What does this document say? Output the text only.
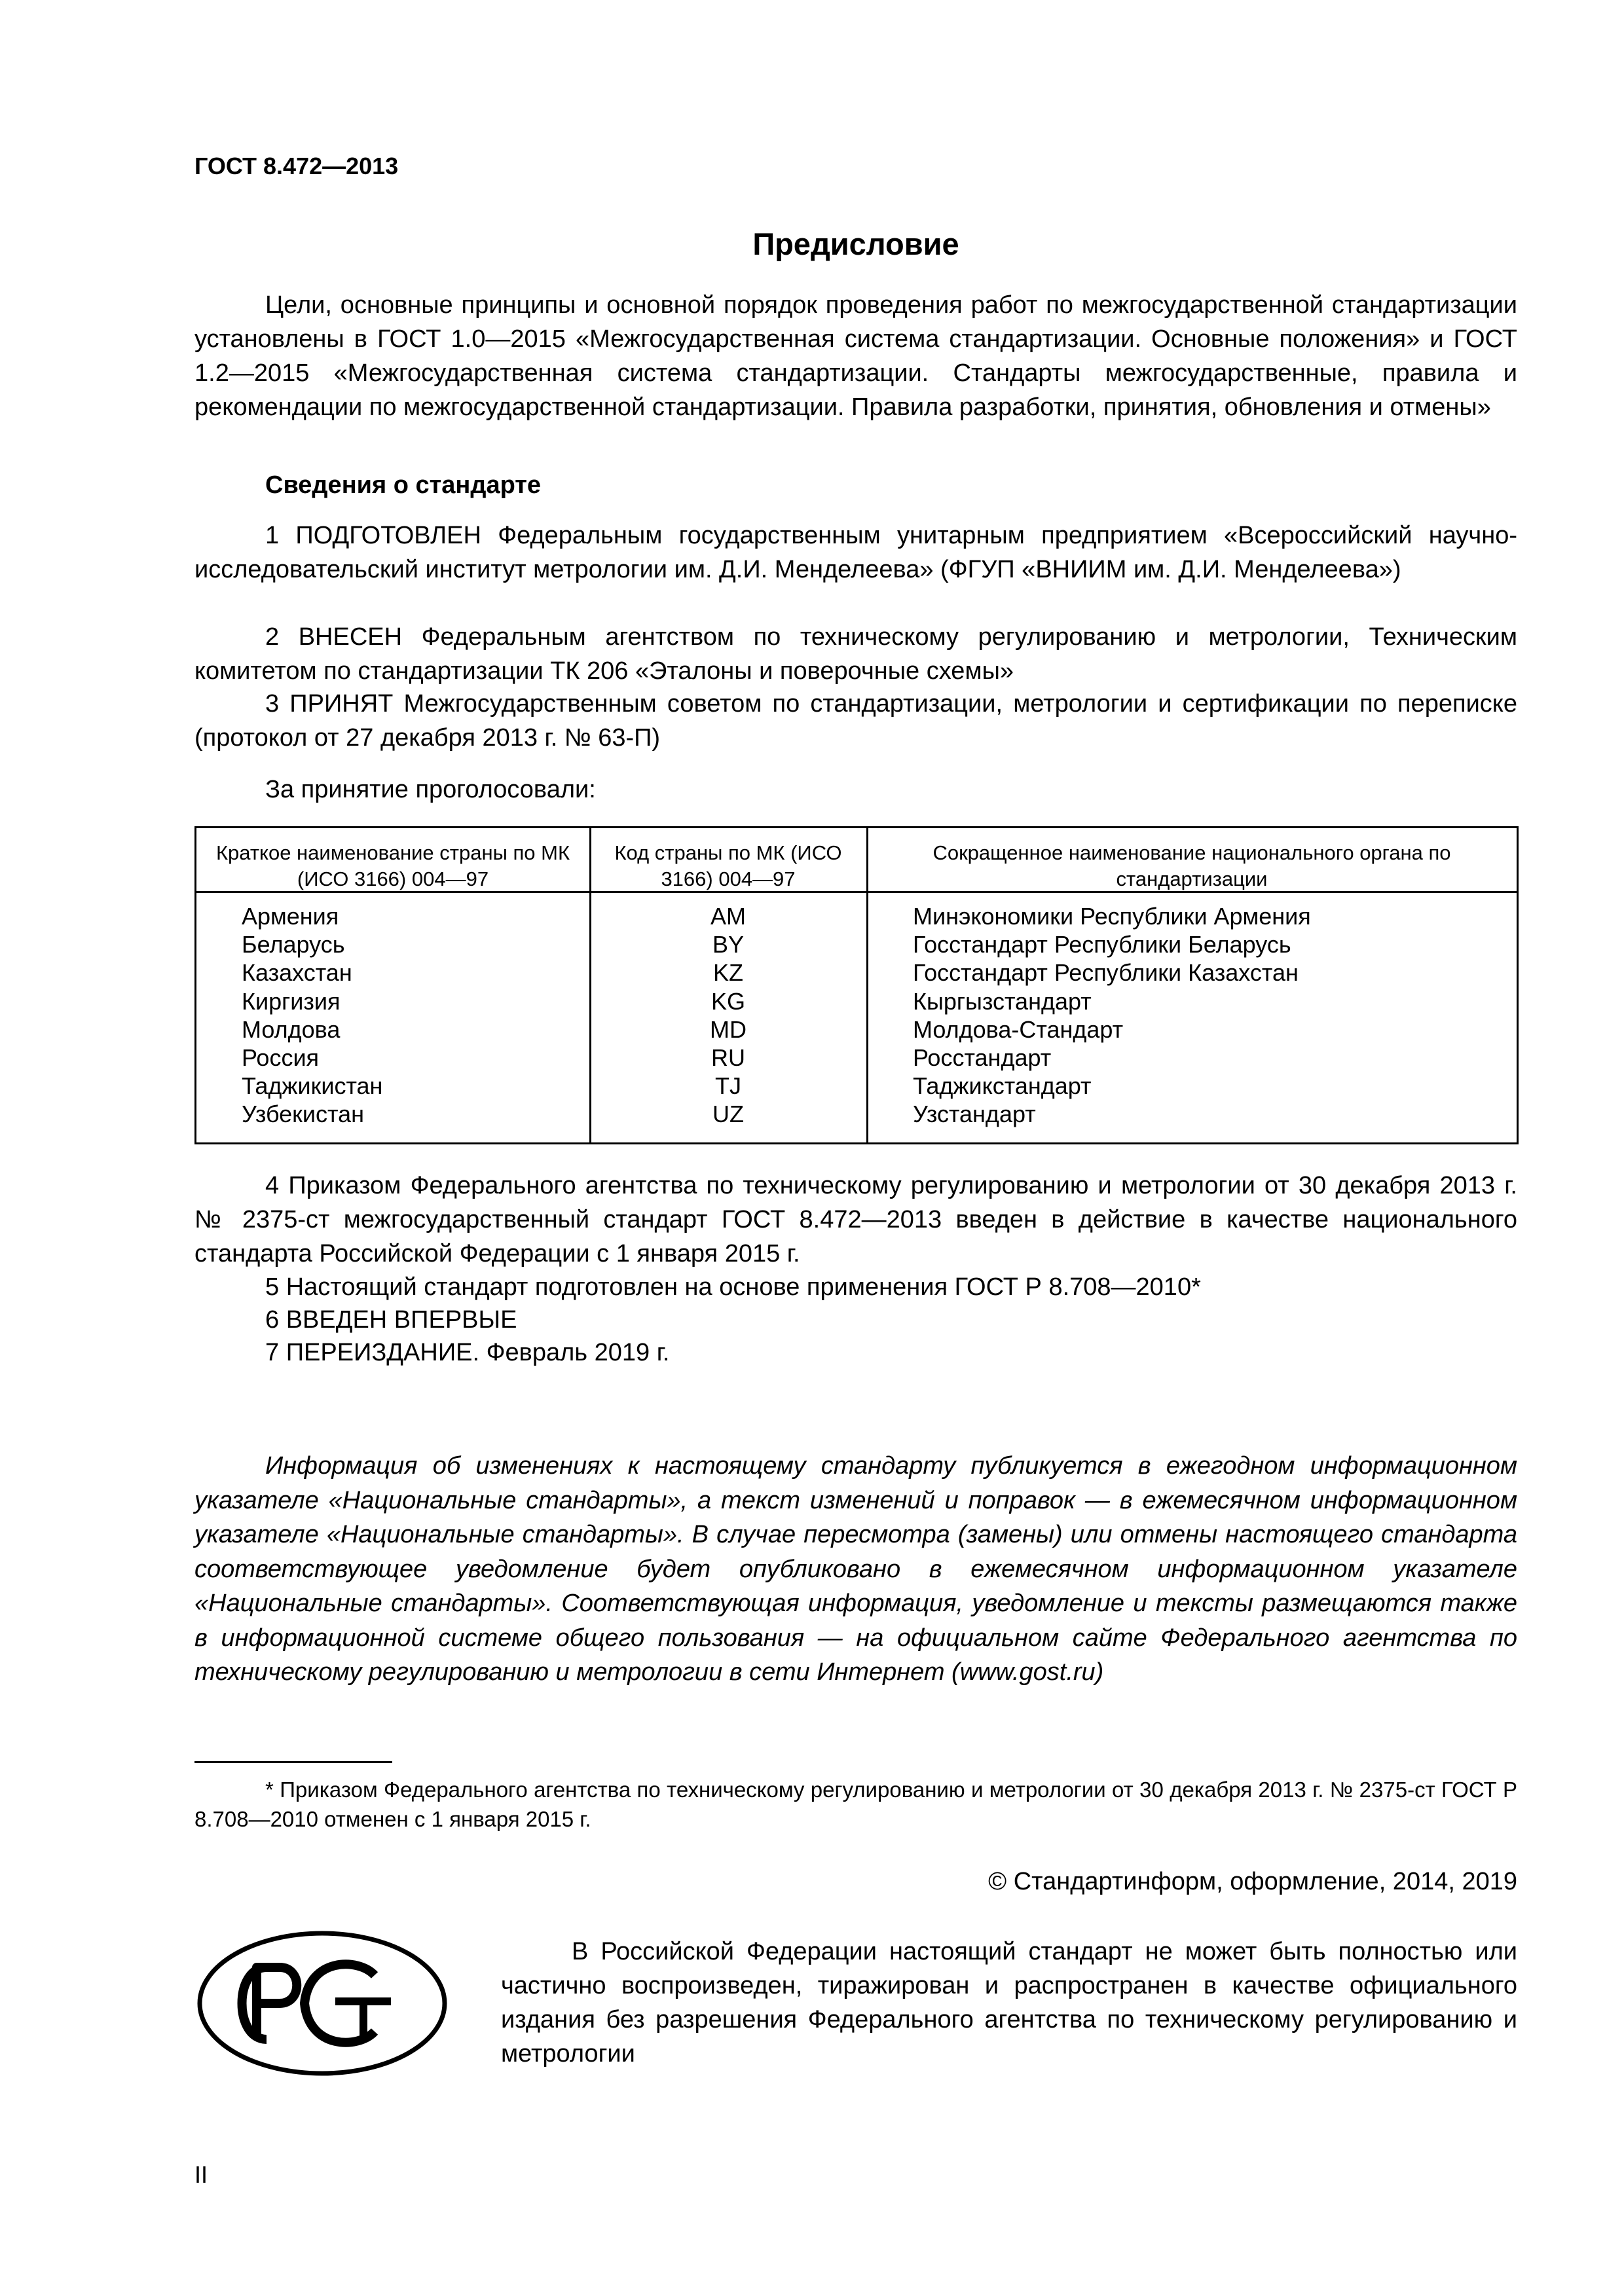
ГОСТ 8.472—2013
Предисловие
Цели, основные принципы и основной порядок проведения работ по межгосударственной стандартизации установлены в ГОСТ 1.0—2015 «Межгосударственная система стандартизации. Основные положения» и ГОСТ 1.2—2015 «Межгосударственная система стандартизации. Стандарты межгосударственные, правила и рекомендации по межгосударственной стандартизации. Правила разработки, принятия, обновления и отмены»
Сведения о стандарте
1 ПОДГОТОВЛЕН Федеральным государственным унитарным предприятием «Всероссийский научно-исследовательский институт метрологии им. Д.И. Менделеева» (ФГУП «ВНИИМ им. Д.И. Менделеева»)
2 ВНЕСЕН Федеральным агентством по техническому регулированию и метрологии, Техническим комитетом по стандартизации ТК 206 «Эталоны и поверочные схемы»
3 ПРИНЯТ Межгосударственным советом по стандартизации, метрологии и сертификации по переписке (протокол от 27 декабря 2013 г. № 63-П)
За принятие проголосовали:
Краткое наименование страны по МК (ИСО 3166) 004—97
Код страны по МК (ИСО 3166) 004—97
Сокращенное наименование национального органа по стандартизации
Армения
Беларусь
Казахстан
Киргизия
Молдова
Россия
Таджикистан
Узбекистан
AM
BY
KZ
KG
MD
RU
TJ
UZ
Минэкономики Республики Армения
Госстандарт Республики Беларусь
Госстандарт Республики Казахстан
Кыргызстандарт
Молдова-Стандарт
Росстандарт
Таджикстандарт
Узстандарт
4 Приказом Федерального агентства по техническому регулированию и метрологии от 30 декабря 2013 г. № 2375-ст межгосударственный стандарт ГОСТ 8.472—2013 введен в действие в качестве национального стандарта Российской Федерации с 1 января 2015 г.
5 Настоящий стандарт подготовлен на основе применения ГОСТ Р 8.708—2010*
6 ВВЕДЕН ВПЕРВЫЕ
7 ПЕРЕИЗДАНИЕ. Февраль 2019 г.
Информация об изменениях к настоящему стандарту публикуется в ежегодном информационном указателе «Национальные стандарты», а текст изменений и поправок — в ежемесячном информационном указателе «Национальные стандарты». В случае пересмотра (замены) или отмены настоящего стандарта соответствующее уведомление будет опубликовано в ежемесячном информационном указателе «Национальные стандарты». Соответствующая информация, уведомление и тексты размещаются также в информационной системе общего пользования — на официальном сайте Федерального агентства по техническому регулированию и метрологии в сети Интернет (www.gost.ru)
* Приказом Федерального агентства по техническому регулированию и метрологии от 30 декабря 2013 г. № 2375-ст ГОСТ Р 8.708—2010 отменен с 1 января 2015 г.
© Стандартинформ, оформление, 2014, 2019
В Российской Федерации настоящий стандарт не может быть полностью или частично воспроизведен, тиражирован и распространен в качестве официального издания без разрешения Федерального агентства по техническому регулированию и метрологии
II
